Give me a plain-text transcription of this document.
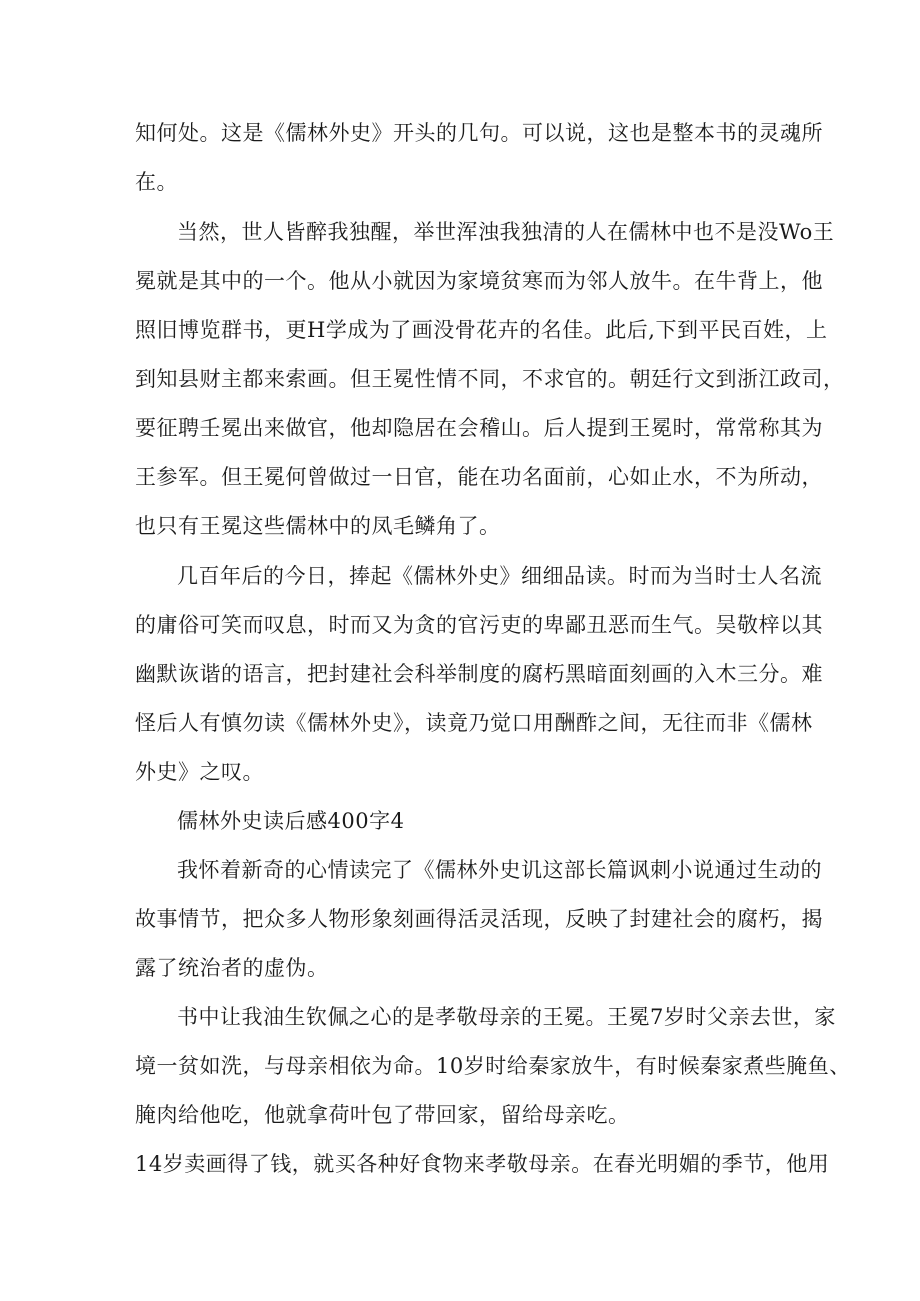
知何处。这是《儒林外史》开头的几句。可以说，这也是整本书的灵魂所
在。
当然，世人皆醉我独醒，举世浑浊我独清的人在儒林中也不是没Wo王
冕就是其中的一个。他从小就因为家境贫寒而为邻人放牛。在牛背上，他
照旧博览群书，更H学成为了画没骨花卉的名佳。此后,下到平民百姓，上
到知县财主都来索画。但王冕性情不同，不求官的。朝廷行文到浙江政司，
要征聘壬冕出来做官，他却隐居在会稽山。后人提到王冕时，常常称其为
王参军。但王冕何曾做过一日官，能在功名面前，心如止水，不为所动，
也只有王冕这些儒林中的凤毛鳞角了。
几百年后的今日，捧起《儒林外史》细细品读。时而为当时士人名流
的庸俗可笑而叹息，时而又为贪的官污吏的卑鄙丑恶而生气。吴敬梓以其
幽默诙谐的语言，把封建社会科举制度的腐朽黑暗面刻画的入木三分。难
怪后人有慎勿读《儒林外史》，读竟乃觉口用酬酢之间，无往而非《儒林
外史》之叹。
儒林外史读后感400字4
我怀着新奇的心情读完了《儒林外史讥这部长篇讽刺小说通过生动的
故事情节，把众多人物形象刻画得活灵活现，反映了封建社会的腐朽，揭
露了统治者的虚伪。
书中让我油生钦佩之心的是孝敬母亲的王冕。王冕7岁时父亲去世，家
境一贫如洗，与母亲相依为命。10岁时给秦家放牛，有时候秦家煮些腌鱼、
腌肉给他吃，他就拿荷叶包了带回家，留给母亲吃。
14岁卖画得了钱，就买各种好食物来孝敬母亲。在春光明媚的季节，他用
